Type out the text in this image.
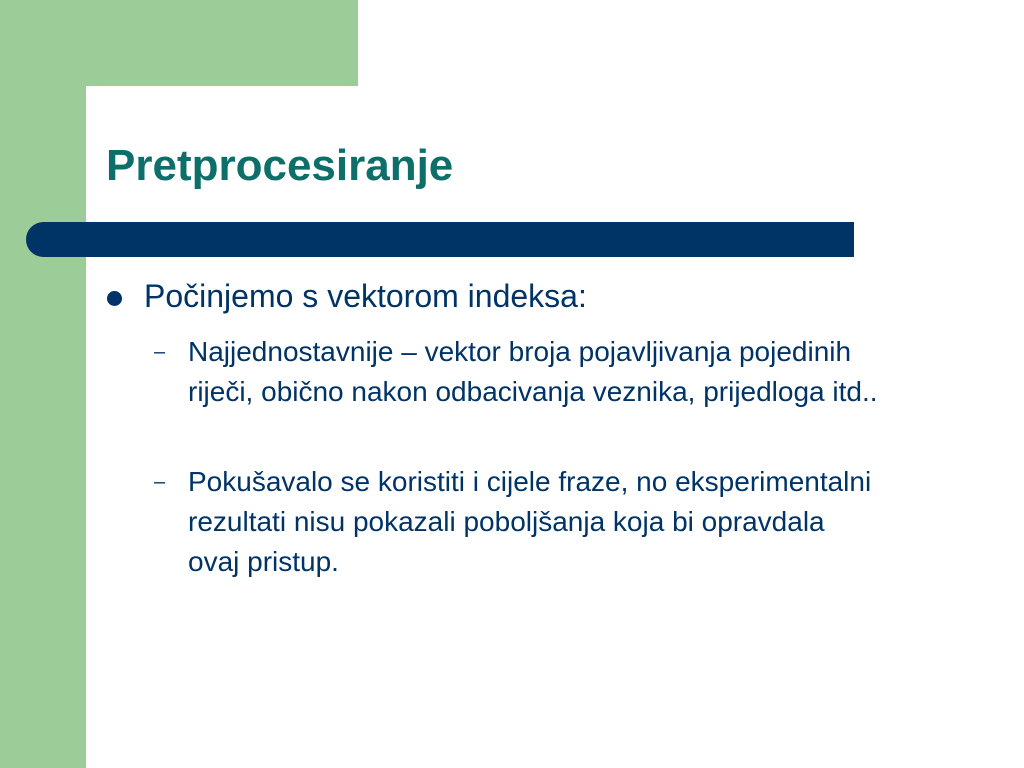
Pretprocesiranje

Počinjemo s vektorom indeksa:

– Najjednostavnije – vektor broja pojavljivanja pojedinih riječi, obično nakon odbacivanja veznika, prijedloga itd..

– Pokušavalo se koristiti i cijele fraze, no eksperimentalni rezultati nisu pokazali poboljšanja koja bi opravdala ovaj pristup.
